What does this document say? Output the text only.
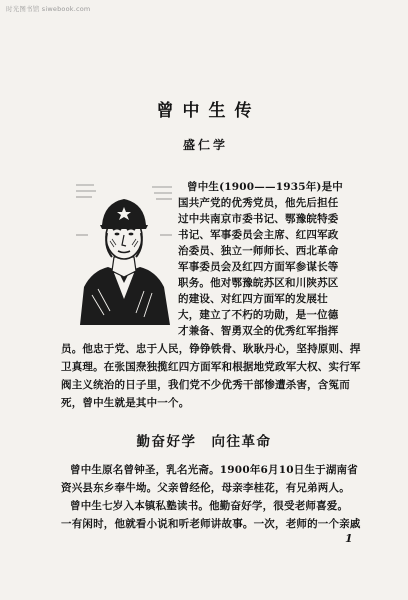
时光图书馆 siwebook.com
曾中生传
盛仁学
曾中生(1900——1935年)是中
国共产党的优秀党员，他先后担任
过中共南京市委书记、鄂豫皖特委
书记、军事委员会主席、红四军政
治委员、独立一师师长、西北革命
军事委员会及红四方面军参谋长等
职务。他对鄂豫皖苏区和川陕苏区
的建设、对红四方面军的发展壮
大，建立了不朽的功勋，是一位德
才兼备、智勇双全的优秀红军指挥
员。他忠于党、忠于人民，铮铮铁骨、耿耿丹心，坚持原则、捍
卫真理。在张国焘独揽红四方面军和根据地党政军大权、实行军
阀主义统治的日子里，我们党不少优秀干部惨遭杀害，含冤而
死，曾中生就是其中一个。
勤奋好学　向往革命
曾中生原名曾钟圣，乳名光斋。1900年6月10日生于湖南省
资兴县东乡奉牛坳。父亲曾经伦，母亲李桂花，有兄弟两人。
曾中生七岁入本镇私塾读书。他勤奋好学，很受老师喜爱。
一有闲时，他就看小说和听老师讲故事。一次，老师的一个亲戚
1
